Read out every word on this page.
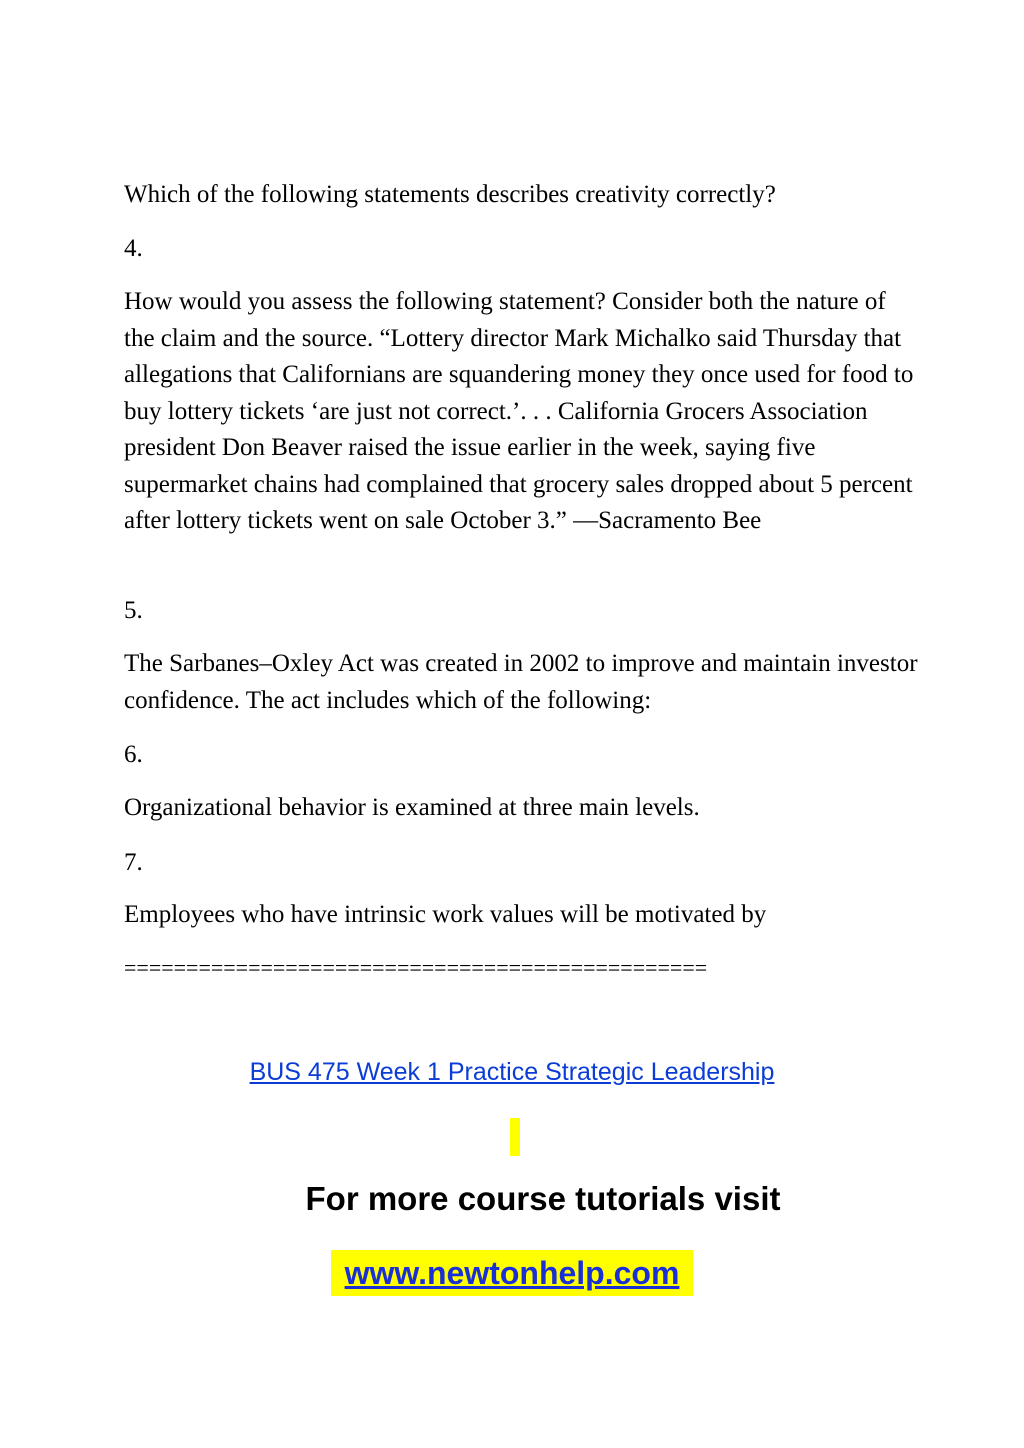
Which of the following statements describes creativity correctly?

4.

How would you assess the following statement? Consider both the nature of the claim and the source. “Lottery director Mark Michalko said Thursday that allegations that Californians are squandering money they once used for food to buy lottery tickets ‘are just not correct.’. . . California Grocers Association president Don Beaver raised the issue earlier in the week, saying five supermarket chains had complained that grocery sales dropped about 5 percent after lottery tickets went on sale October 3.” —Sacramento Bee

5.

The Sarbanes–Oxley Act was created in 2002 to improve and maintain investor confidence. The act includes which of the following:

6.

Organizational behavior is examined at three main levels.

7.

Employees who have intrinsic work values will be motivated by

===============================================

BUS 475 Week 1 Practice Strategic Leadership

For more course tutorials visit

www.newtonhelp.com
